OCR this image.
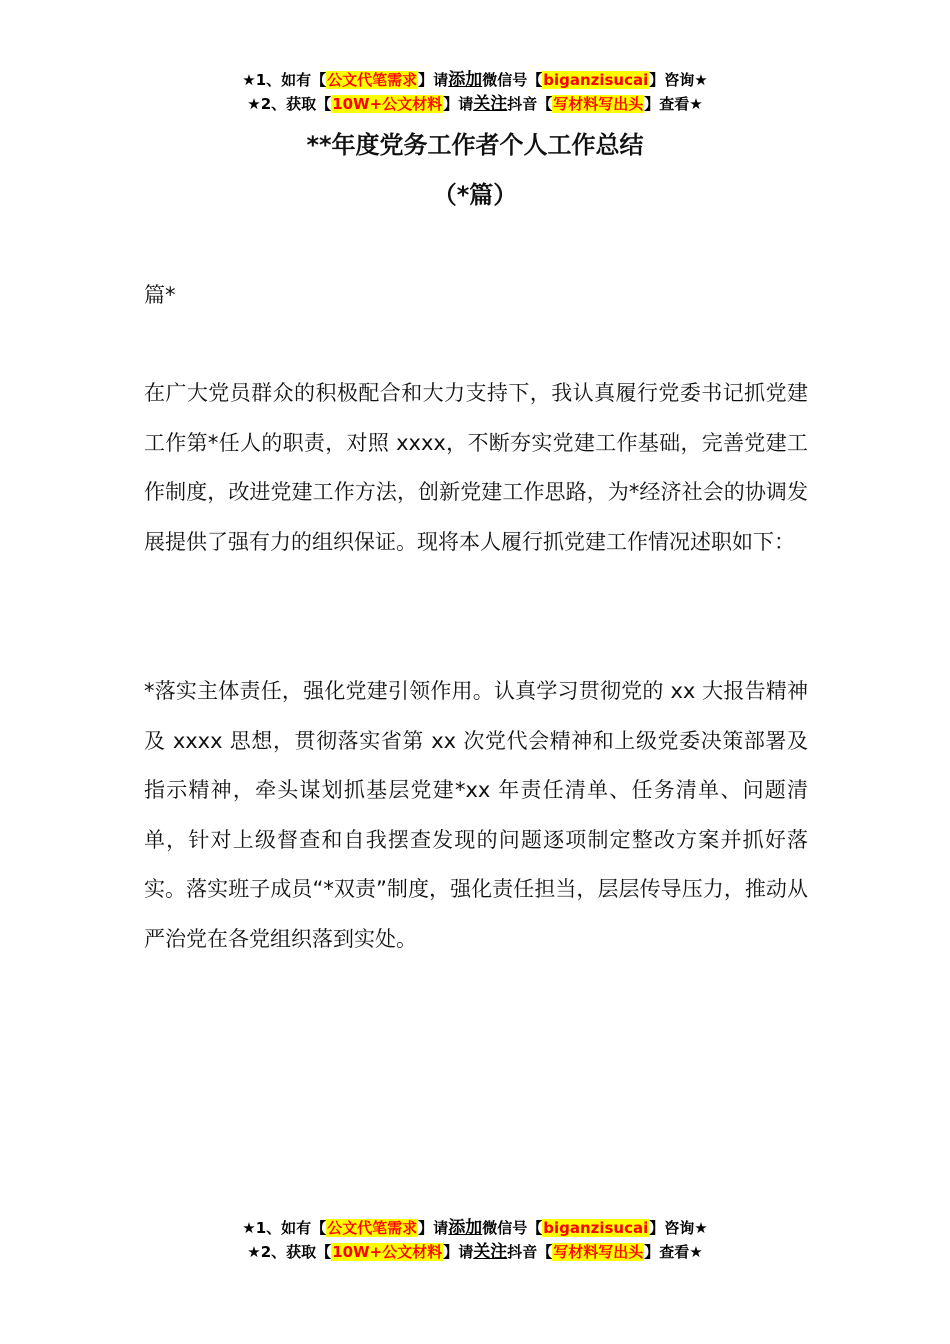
★1、如有【公文代笔需求】请添加微信号【biganzisucai】咨询★
★2、获取【10W+公文材料】请关注抖音【写材料写出头】查看★
**年度党务工作者个人工作总结
（*篇）

篇*

在广大党员群众的积极配合和大力支持下，我认真履行党委书记抓党建工作第*任人的职责，对照 xxxx，不断夯实党建工作基础，完善党建工作制度，改进党建工作方法，创新党建工作思路，为*经济社会的协调发展提供了强有力的组织保证。现将本人履行抓党建工作情况述职如下：

*落实主体责任，强化党建引领作用。认真学习贯彻党的 xx 大报告精神及 xxxx 思想，贯彻落实省第 xx 次党代会精神和上级党委决策部署及指示精神，牵头谋划抓基层党建*xx 年责任清单、任务清单、问题清单，针对上级督查和自我摆查发现的问题逐项制定整改方案并抓好落实。落实班子成员“*双责”制度，强化责任担当，层层传导压力，推动从严治党在各党组织落到实处。

★1、如有【公文代笔需求】请添加微信号【biganzisucai】咨询★
★2、获取【10W+公文材料】请关注抖音【写材料写出头】查看★
